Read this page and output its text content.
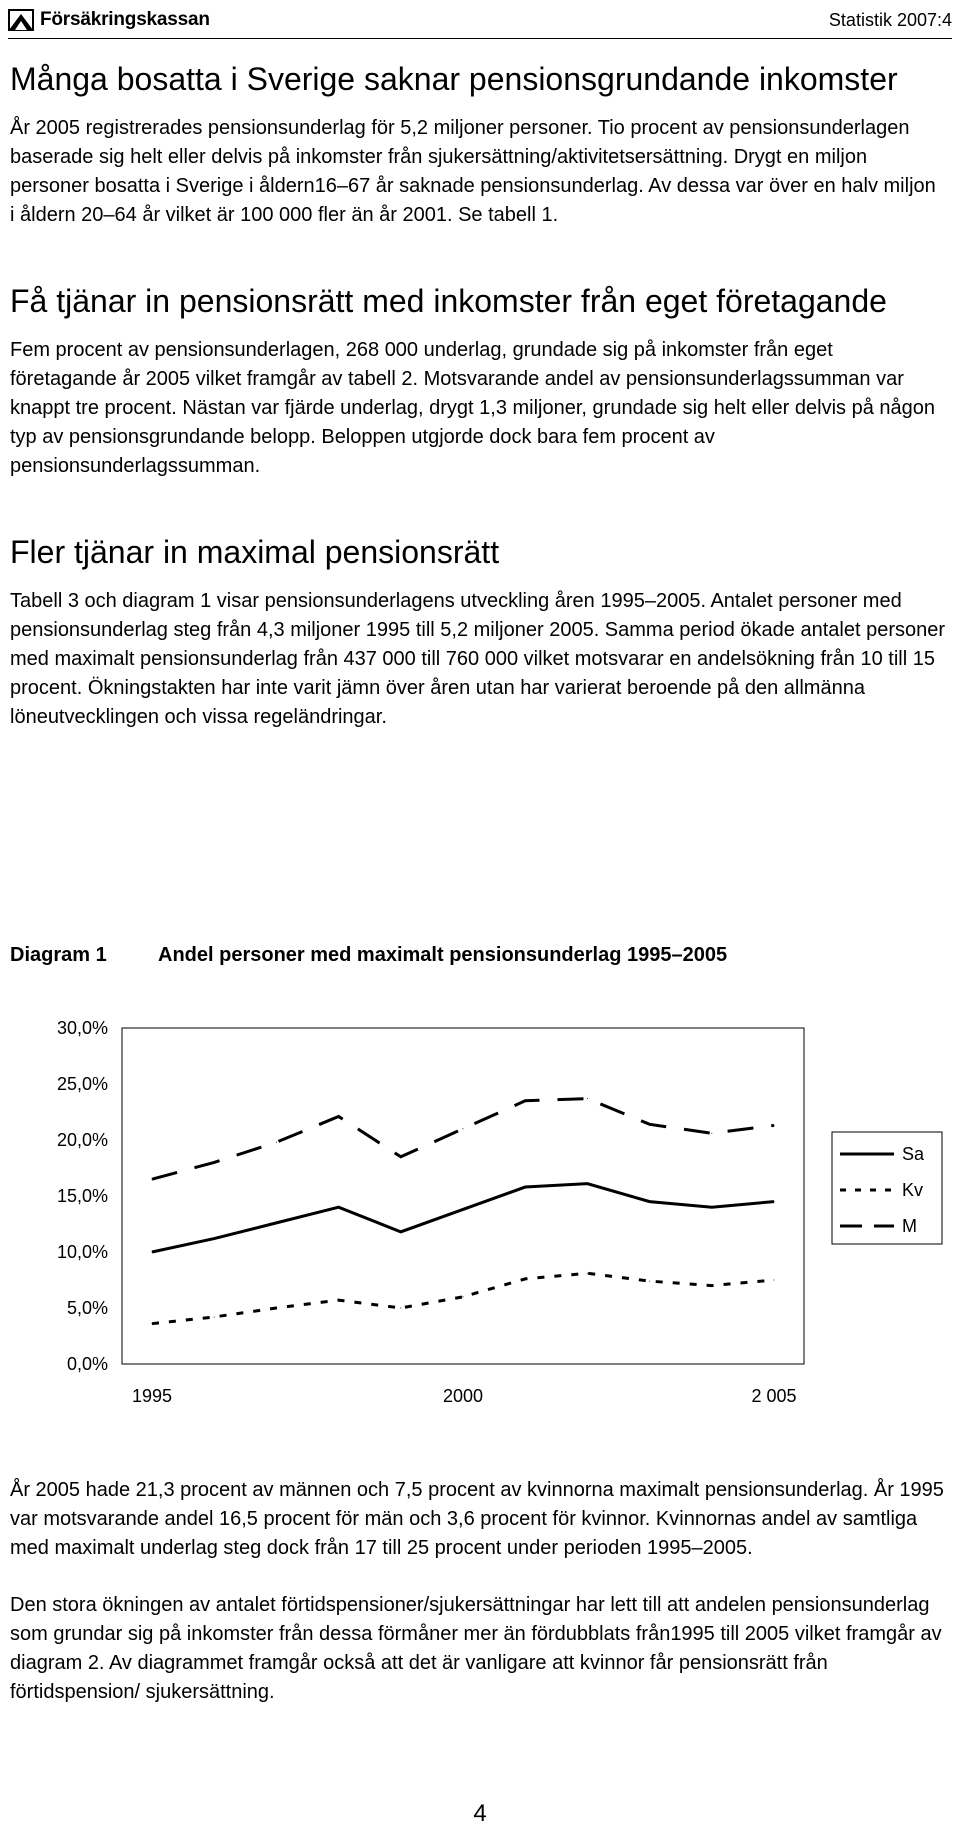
Försäkringskassan	Statistik 2007:4
Många bosatta i Sverige saknar pensionsgrundande inkomster

År 2005 registrerades pensionsunderlag för 5,2 miljoner personer. Tio procent av pensionsunderlagen baserade sig helt eller delvis på inkomster från sjukersättning/aktivitetsersättning. Drygt en miljon personer bosatta i Sverige i åldern16–67 år saknade pensionsunderlag. Av dessa var över en halv miljon i åldern 20–64 år vilket är 100 000 fler än år 2001. Se tabell 1.

Få tjänar in pensionsrätt med inkomster från eget företagande

Fem procent av pensionsunderlagen, 268 000 underlag, grundade sig på inkomster från eget företagande år 2005 vilket framgår av tabell 2. Motsvarande andel av pensionsunderlagssumman var knappt tre procent. Nästan var fjärde underlag, drygt 1,3 miljoner, grundade sig helt eller delvis på någon typ av pensionsgrundande belopp. Beloppen utgjorde dock bara fem procent av pensionsunderlagssumman.

Fler tjänar in maximal pensionsrätt

Tabell 3 och diagram 1 visar pensionsunderlagens utveckling åren 1995–2005. Antalet personer med pensionsunderlag steg från 4,3 miljoner 1995 till 5,2 miljoner 2005. Samma period ökade antalet personer med maximalt pensionsunderlag från 437 000 till 760 000 vilket motsvarar en andelsökning från 10 till 15 procent. Ökningstakten har inte varit jämn över åren utan har varierat beroende på den allmänna löneutvecklingen och vissa regeländringar.

Diagram 1	Andel personer med maximalt pensionsunderlag 1995–2005
0,0%
5,0%
10,0%
15,0%
20,0%
25,0%
30,0%
1995	2000	2 005
Sa
Kv
M

År 2005 hade 21,3 procent av männen och 7,5 procent av kvinnorna maximalt pensionsunderlag. År 1995 var motsvarande andel 16,5 procent för män och 3,6 procent för kvinnor. Kvinnornas andel av samtliga med maximalt underlag steg dock från 17 till 25 procent under perioden 1995–2005.

Den stora ökningen av antalet förtidspensioner/sjukersättningar har lett till att andelen pensionsunderlag som grundar sig på inkomster från dessa förmåner mer än fördubblats från1995 till 2005 vilket framgår av diagram 2. Av diagrammet framgår också att det är vanligare att kvinnor får pensionsrätt från förtidspension/ sjukersättning.

4
